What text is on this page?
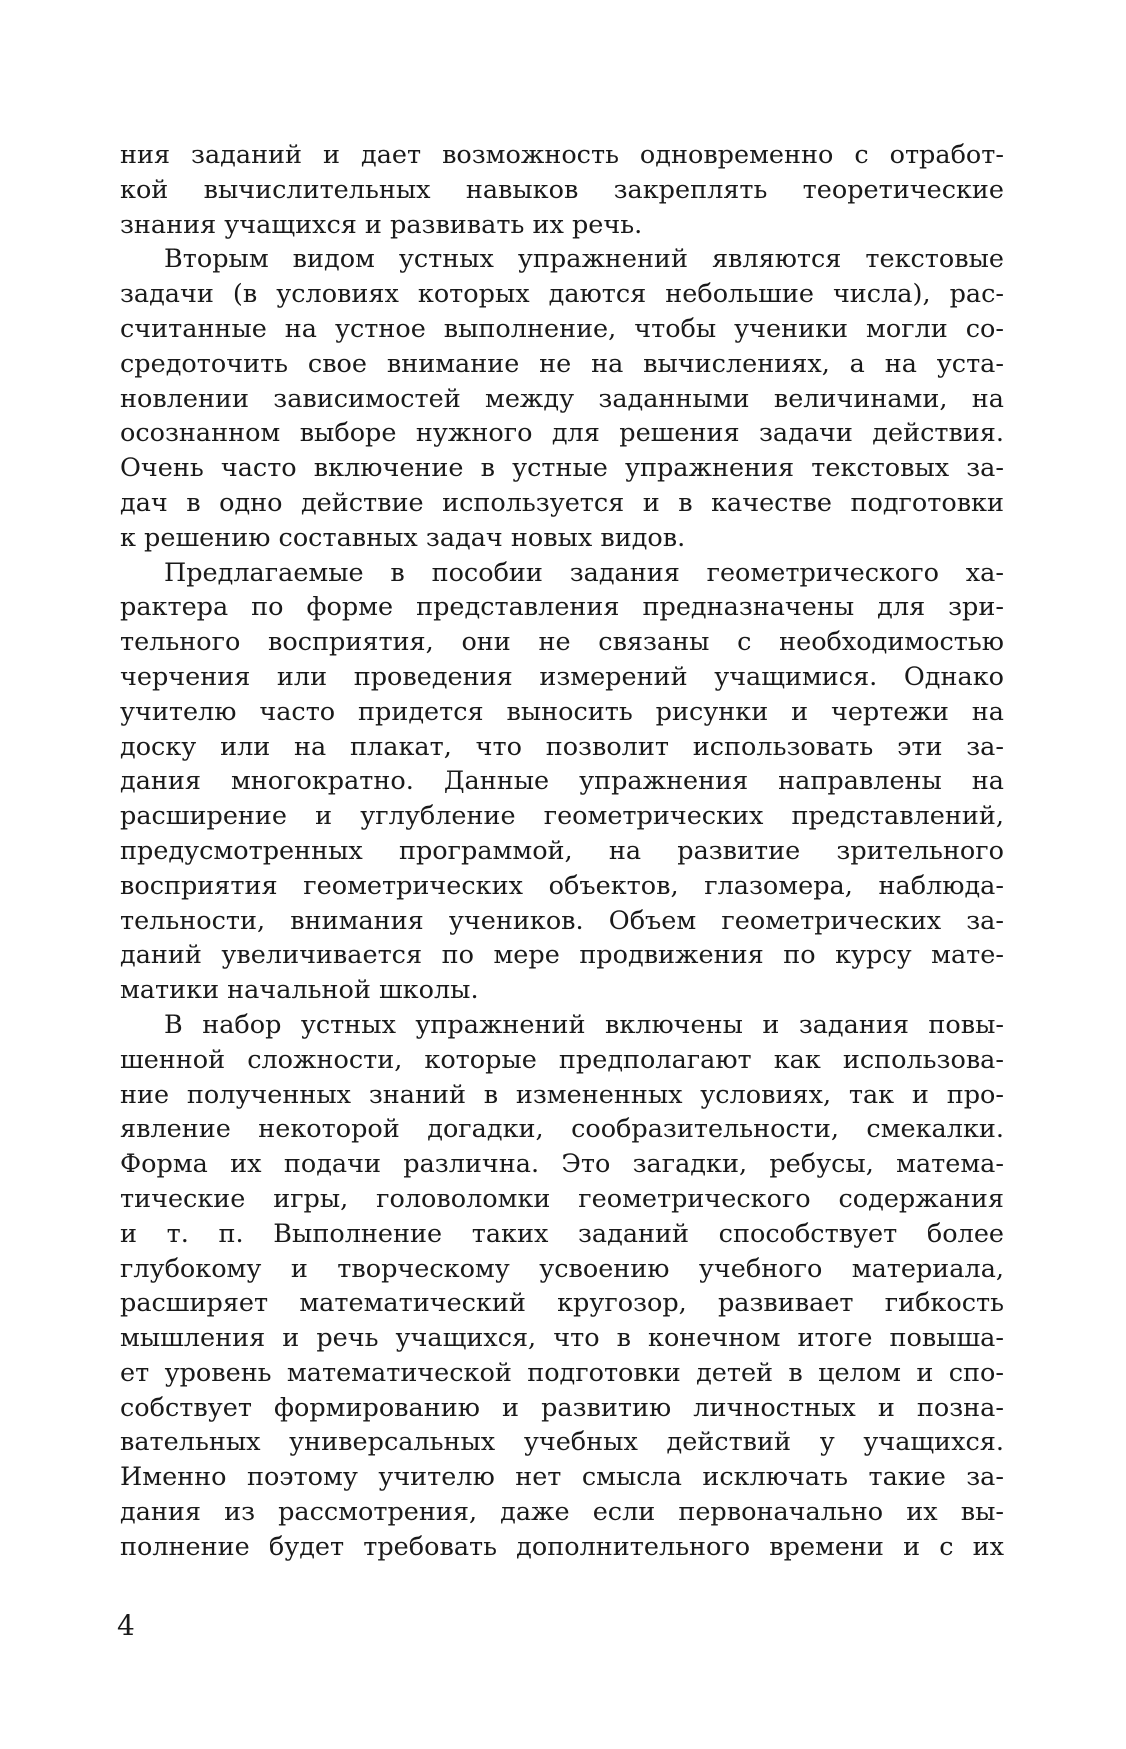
ния заданий и дает возможность одновременно с отработ-
кой вычислительных навыков закреплять теоретические
знания учащихся и развивать их речь.
Вторым видом устных упражнений являются текстовые
задачи (в условиях которых даются небольшие числа), рас-
считанные на устное выполнение, чтобы ученики могли со-
средоточить свое внимание не на вычислениях, а на уста-
новлении зависимостей между заданными величинами, на
осознанном выборе нужного для решения задачи действия.
Очень часто включение в устные упражнения текстовых за-
дач в одно действие используется и в качестве подготовки
к решению составных задач новых видов.
Предлагаемые в пособии задания геометрического ха-
рактера по форме представления предназначены для зри-
тельного восприятия, они не связаны с необходимостью
черчения или проведения измерений учащимися. Однако
учителю часто придется выносить рисунки и чертежи на
доску или на плакат, что позволит использовать эти за-
дания многократно. Данные упражнения направлены на
расширение и углубление геометрических представлений,
предусмотренных программой, на развитие зрительного
восприятия геометрических объектов, глазомера, наблюда-
тельности, внимания учеников. Объем геометрических за-
даний увеличивается по мере продвижения по курсу мате-
матики начальной школы.
В набор устных упражнений включены и задания повы-
шенной сложности, которые предполагают как использова-
ние полученных знаний в измененных условиях, так и про-
явление некоторой догадки, сообразительности, смекалки.
Форма их подачи различна. Это загадки, ребусы, матема-
тические игры, головоломки геометрического содержания
и т. п. Выполнение таких заданий способствует более
глубокому и творческому усвоению учебного материала,
расширяет математический кругозор, развивает гибкость
мышления и речь учащихся, что в конечном итоге повыша-
ет уровень математической подготовки детей в целом и спо-
собствует формированию и развитию личностных и позна-
вательных универсальных учебных действий у учащихся.
Именно поэтому учителю нет смысла исключать такие за-
дания из рассмотрения, даже если первоначально их вы-
полнение будет требовать дополнительного времени и с их
4
